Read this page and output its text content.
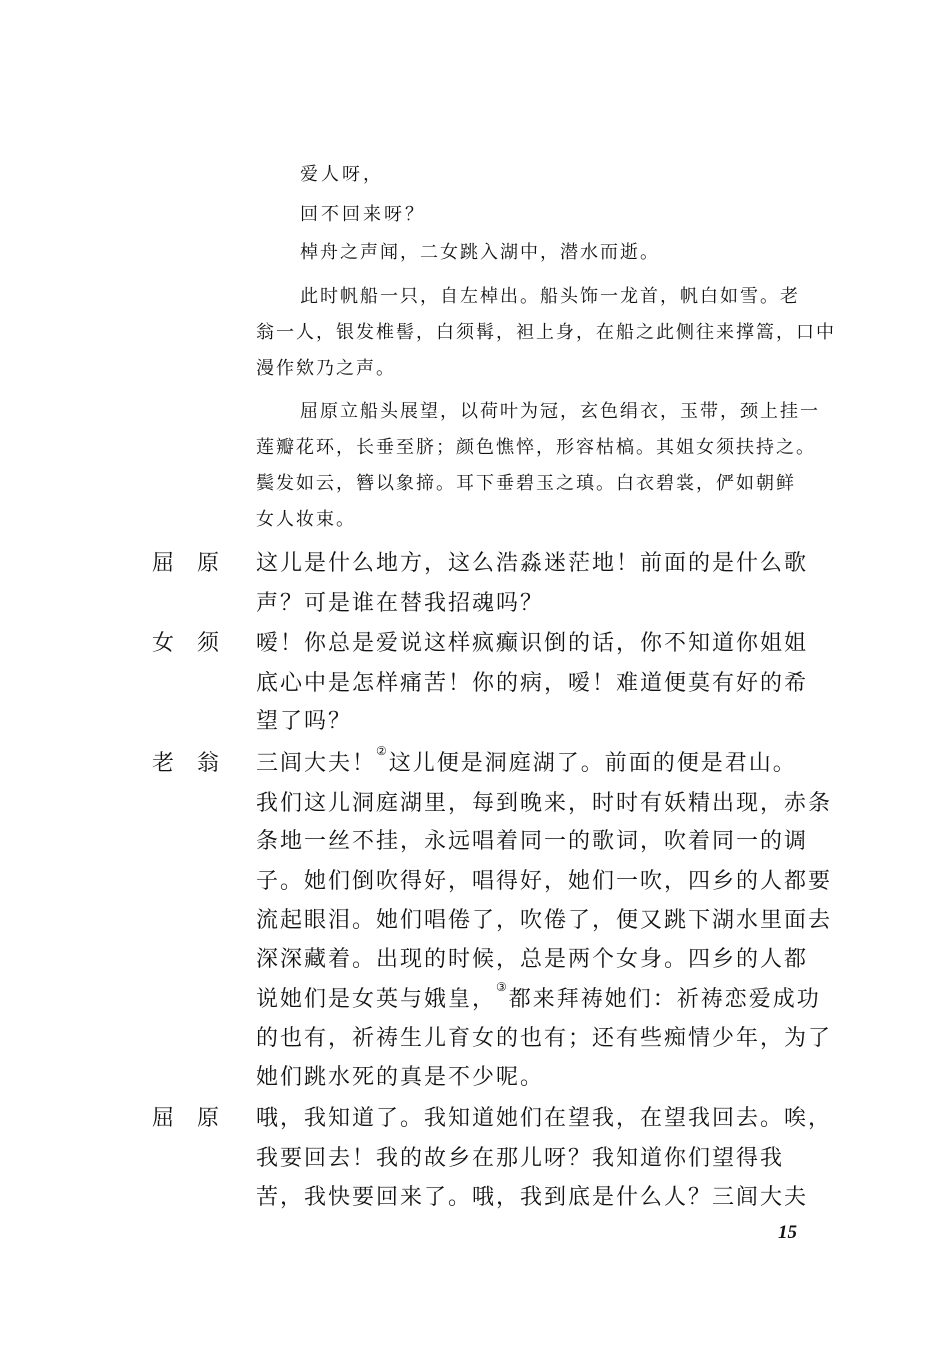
爱人呀，
回不回来呀？
棹舟之声闻，二女跳入湖中，潜水而逝。
此时帆船一只，自左棹出。船头饰一龙首，帆白如雪。老
翁一人，银发椎髻，白须髯，袒上身，在船之此侧往来撑篙，口中
漫作欸乃之声。
屈原立船头展望，以荷叶为冠，玄色绢衣，玉带，颈上挂一
莲瓣花环，长垂至脐；颜色憔悴，形容枯槁。其姐女须扶持之。
鬓发如云，簪以象揥。耳下垂碧玉之瑱。白衣碧裳，俨如朝鲜
女人妆束。
屈 原	这儿是什么地方，这么浩淼迷茫地！前面的是什么歌
声？可是谁在替我招魂吗？
女 须	嗳！你总是爱说这样疯癫识倒的话，你不知道你姐姐
底心中是怎样痛苦！你的病，嗳！难道便莫有好的希
望了吗？
老 翁	三闾大夫！②这儿便是洞庭湖了。前面的便是君山。
我们这儿洞庭湖里，每到晚来，时时有妖精出现，赤条
条地一丝不挂，永远唱着同一的歌词，吹着同一的调
子。她们倒吹得好，唱得好，她们一吹，四乡的人都要
流起眼泪。她们唱倦了，吹倦了，便又跳下湖水里面去
深深藏着。出现的时候，总是两个女身。四乡的人都
说她们是女英与娥皇，③都来拜祷她们：祈祷恋爱成功
的也有，祈祷生儿育女的也有；还有些痴情少年，为了
她们跳水死的真是不少呢。
屈 原	哦，我知道了。我知道她们在望我，在望我回去。唉，
我要回去！我的故乡在那儿呀？我知道你们望得我
苦，我快要回来了。哦，我到底是什么人？三闾大夫
15
